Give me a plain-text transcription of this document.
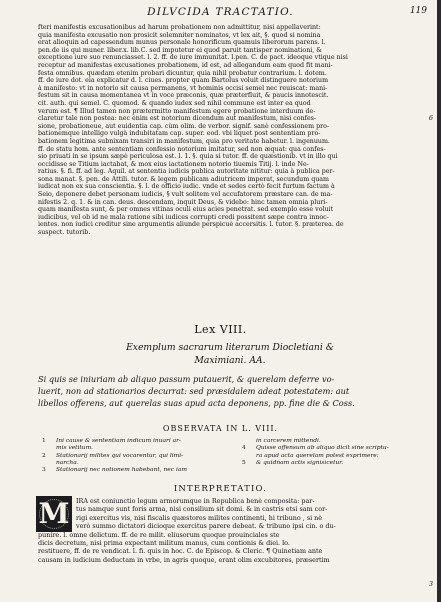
DILVCIDA TRACTATIO.	119

fteri manifestis excusationibus ad harum probationem non admittitur, nisi appellaverint:

quia manifesta excusatio non prosicit solemniter nominatos, vt lex ait, §. quod si nomina

erat alioquin ad capessendum munus personale honorificum quamuis liberorum parens. l.

pen.de iis qui muner. liber.x. lib.C. sed imputetur ei quod paruit tantisper nominationi, &

exceptione iure suo renunciasset. l. 2. ff. de iure immunitat. l.pen. C. de pact. ideoque vtique nisi

receptur ad manifestas excusationes probationem, id est, ad allegandum eam quod fit mani-

festa omnibus. quædam etenim probari dicuntur, quia nihil probatur contrarium. l. dotem.

ff. de iure dot. eia explicatur d. l. ciues. propter quam Bartolus voluit distinguere notorium

à manifesto: vt in notorio sit causa permanens, vt hominis occisi semel nec reuiscat: mani-

festum sit in causa momentanea vt in voce præconis, quæ præterfluit, & paucis innotescit.

cit. auth. qui semel. C. quomod. & quando iudex sed nihil commune est inter ea quod

verum est. ¶ Illud tamen non prætermitto manifestum egere probatione interduum de-

claretur tale non postea: nec enim est notorium dicendum aut manifestum, nisi confes-

sione, probationeue, aut euidentia cap. cùm olim. de verbor. signif. sanè confessionem pro-

bationemque intelligo vulgà indubitatam cap. super. eod. vbi liquet post sententiam pro-

bationem legitima subnixam transiri in manifestum, quia pro veritate habetur. l. ingenuum.

ff. de statu hom. ante sententiam confessio notorium imitatur, sed non æquat: qua confes-

sio priuati in se ipsum sæpè periculosa est. l. 1. §. quia si tutor. ff. de quæstionib. vt in illo qui

occidisse se Titium iactabat, & mox eius iactationem notorio tiuemis Titij. l. inde Ne-

ratius. §. fi. ff. ad leg. Aquil. at sententia iudicis publica autoritate nititur: quia à publica per-

sona manat. §. pen. de Attili. tutor. & legem publicam adiutricem imperat, secundum quam

iudicat non ex sua conscientia. §. l. de officio iudic. vnde et sedes certò fecit furtum factum à

Seio, deponere debet personam iudicis, § vult solitem vel accufatorem præstare can. de ma-

nifestis 2. q. 1. & in can. deus. descendam, inquit Deus, & videbo: hinc tamen omnia pluri-

quam manifesta sunt, & per omnes vitinas oculi eius acies penetrat. sed exemplo esse voluit

iudicibus, vel ob id ne mala ratione sibi iudices corrupti credi possitent sæpe contra innoc-

ientes. non iudici creditur sine argumentis aliunde perspicuè accersitis. l. tutor. §. præterea. de

suspect. tutorib.

6
Lex VIII.
Exemplum sacrarum literarum Diocletiani &
Maximiani. AA.

Si quis se iniuriam ab aliquo passum putauerit, & querelam deferre vo-

luerit, non ad stationarios decurrat: sed præsidalem adeat potestatem: aut

libellos offerens, aut querelas suas apud acta deponens, pp. fine die & Coss.

OBSERVATA IN L. VIII.
1 Ini cause & sententiam indicum inuari ar-
mis vetitum.
2 Stationarij milites qui vocarentur, qui limi-
narcha.
3 Stationarij nec notionem habebant, nec iam
in carcerem mittendi.
4 Quisse offensum ab aliquo dicit sine scriptu-
ra apud acta querelam potest exprimere:
5 & quidnam actis signisicetur.
INTERPRETATIO.
M	IRA est coniunctio legum armorumque in Republica benè composita: par-

tus namque sunt foris arma, nisi consilium sit domi. & in castris etsi sam cor-

rigi exercitus vis, nisi fiscalis quæstores milites continenti, hi tribuno , si nè

verò summo dictatori dicioque exercitus parere debeat. & tribuno ipsi cin. o du-

punire. l. omne delictum. ff. de re milit. eliusorum quoque prouinciales ste

dicis decretum, nisi prima expectant militum manus, cum contionis & diei. lo.

restituere, ff. de re vendicat. l. fi. quis in hoc. C. de Episcop. & Cleric. ¶ Quinetiam ante

causam in iudicium deductam in vrbe, in agris quoque, erant olim excubitores, præsertim

3
